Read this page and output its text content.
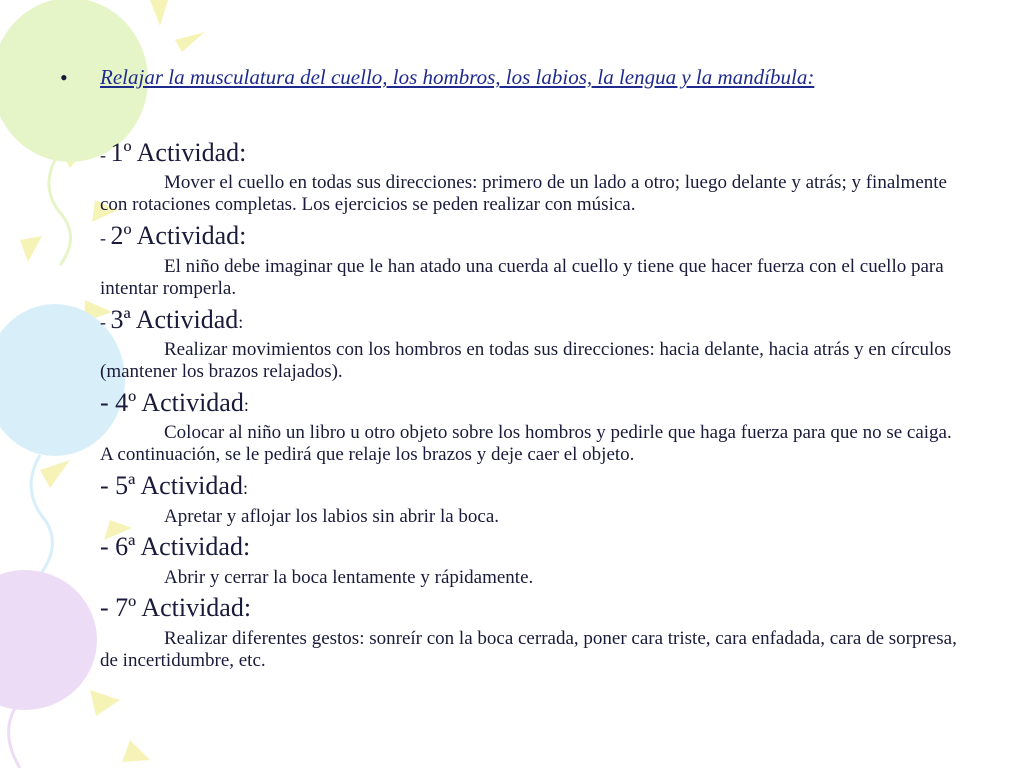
• Relajar la musculatura del cuello, los hombros, los labios, la lengua y la mandíbula:
- 1º Actividad:
Mover el cuello en todas sus direcciones: primero de un lado a otro; luego delante y atrás; y finalmente con rotaciones completas. Los ejercicios se peden realizar con música.
- 2º Actividad:
El niño debe imaginar que le han atado una cuerda al cuello y tiene que hacer fuerza con el cuello para intentar romperla.
- 3ª Actividad:
Realizar movimientos con los hombros en todas sus direcciones: hacia delante, hacia atrás y en círculos (mantener los brazos relajados).
- 4º Actividad:
Colocar al niño un libro u otro objeto sobre los hombros y pedirle que haga fuerza para que no se caiga. A continuación, se le pedirá que relaje los brazos y deje caer el objeto.
- 5ª Actividad:
Apretar y aflojar los labios sin abrir la boca.
- 6ª Actividad:
Abrir y cerrar la boca lentamente y rápidamente.
- 7º Actividad:
Realizar diferentes gestos: sonreír con la boca cerrada, poner cara triste, cara enfadada, cara de sorpresa, de incertidumbre, etc.
